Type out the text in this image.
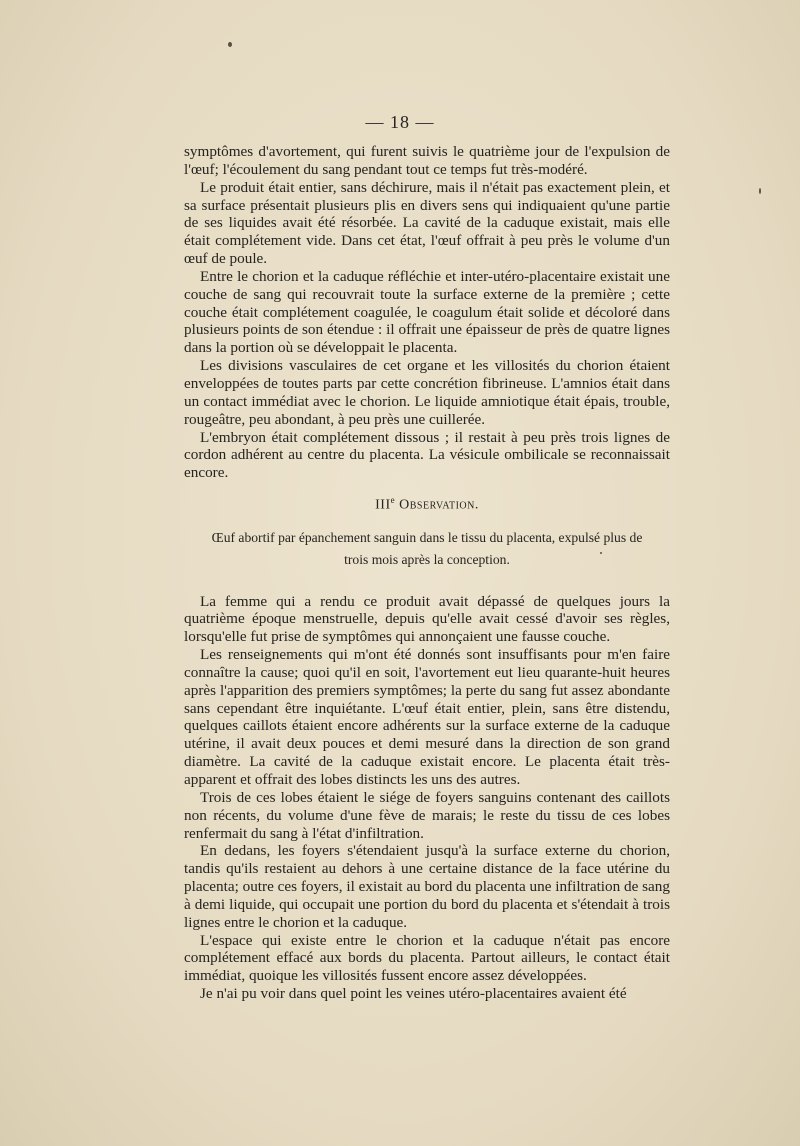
— 18 —

symptômes d'avortement, qui furent suivis le quatrième jour de l'expulsion de l'œuf; l'écoulement du sang pendant tout ce temps fut très-modéré.

Le produit était entier, sans déchirure, mais il n'était pas exactement plein, et sa surface présentait plusieurs plis en divers sens qui indiquaient qu'une partie de ses liquides avait été résorbée. La cavité de la caduque existait, mais elle était complétement vide. Dans cet état, l'œuf offrait à peu près le volume d'un œuf de poule.

Entre le chorion et la caduque réfléchie et inter-utéro-placentaire existait une couche de sang qui recouvrait toute la surface externe de la première ; cette couche était complétement coagulée, le coagulum était solide et décoloré dans plusieurs points de son étendue : il offrait une épaisseur de près de quatre lignes dans la portion où se développait le placenta.

Les divisions vasculaires de cet organe et les villosités du chorion étaient enveloppées de toutes parts par cette concrétion fibrineuse. L'amnios était dans un contact immédiat avec le chorion. Le liquide amniotique était épais, trouble, rougeâtre, peu abondant, à peu près une cuillerée.

L'embryon était complétement dissous ; il restait à peu près trois lignes de cordon adhérent au centre du placenta. La vésicule ombilicale se reconnaissait encore.

IIIe Observation.
Œuf abortif par épanchement sanguin dans le tissu du placenta, expulsé plus de trois mois après la conception.

La femme qui a rendu ce produit avait dépassé de quelques jours la quatrième époque menstruelle, depuis qu'elle avait cessé d'avoir ses règles, lorsqu'elle fut prise de symptômes qui annonçaient une fausse couche.

Les renseignements qui m'ont été donnés sont insuffisants pour m'en faire connaître la cause; quoi qu'il en soit, l'avortement eut lieu quarante-huit heures après l'apparition des premiers symptômes; la perte du sang fut assez abondante sans cependant être inquiétante. L'œuf était entier, plein, sans être distendu, quelques caillots étaient encore adhérents sur la surface externe de la caduque utérine, il avait deux pouces et demi mesuré dans la direction de son grand diamètre. La cavité de la caduque existait encore. Le placenta était très-apparent et offrait des lobes distincts les uns des autres.

Trois de ces lobes étaient le siége de foyers sanguins contenant des caillots non récents, du volume d'une fève de marais; le reste du tissu de ces lobes renfermait du sang à l'état d'infiltration.

En dedans, les foyers s'étendaient jusqu'à la surface externe du chorion, tandis qu'ils restaient au dehors à une certaine distance de la face utérine du placenta; outre ces foyers, il existait au bord du placenta une infiltration de sang à demi liquide, qui occupait une portion du bord du placenta et s'étendait à trois lignes entre le chorion et la caduque.

L'espace qui existe entre le chorion et la caduque n'était pas encore complétement effacé aux bords du placenta. Partout ailleurs, le contact était immédiat, quoique les villosités fussent encore assez développées.

Je n'ai pu voir dans quel point les veines utéro-placentaires avaient été
